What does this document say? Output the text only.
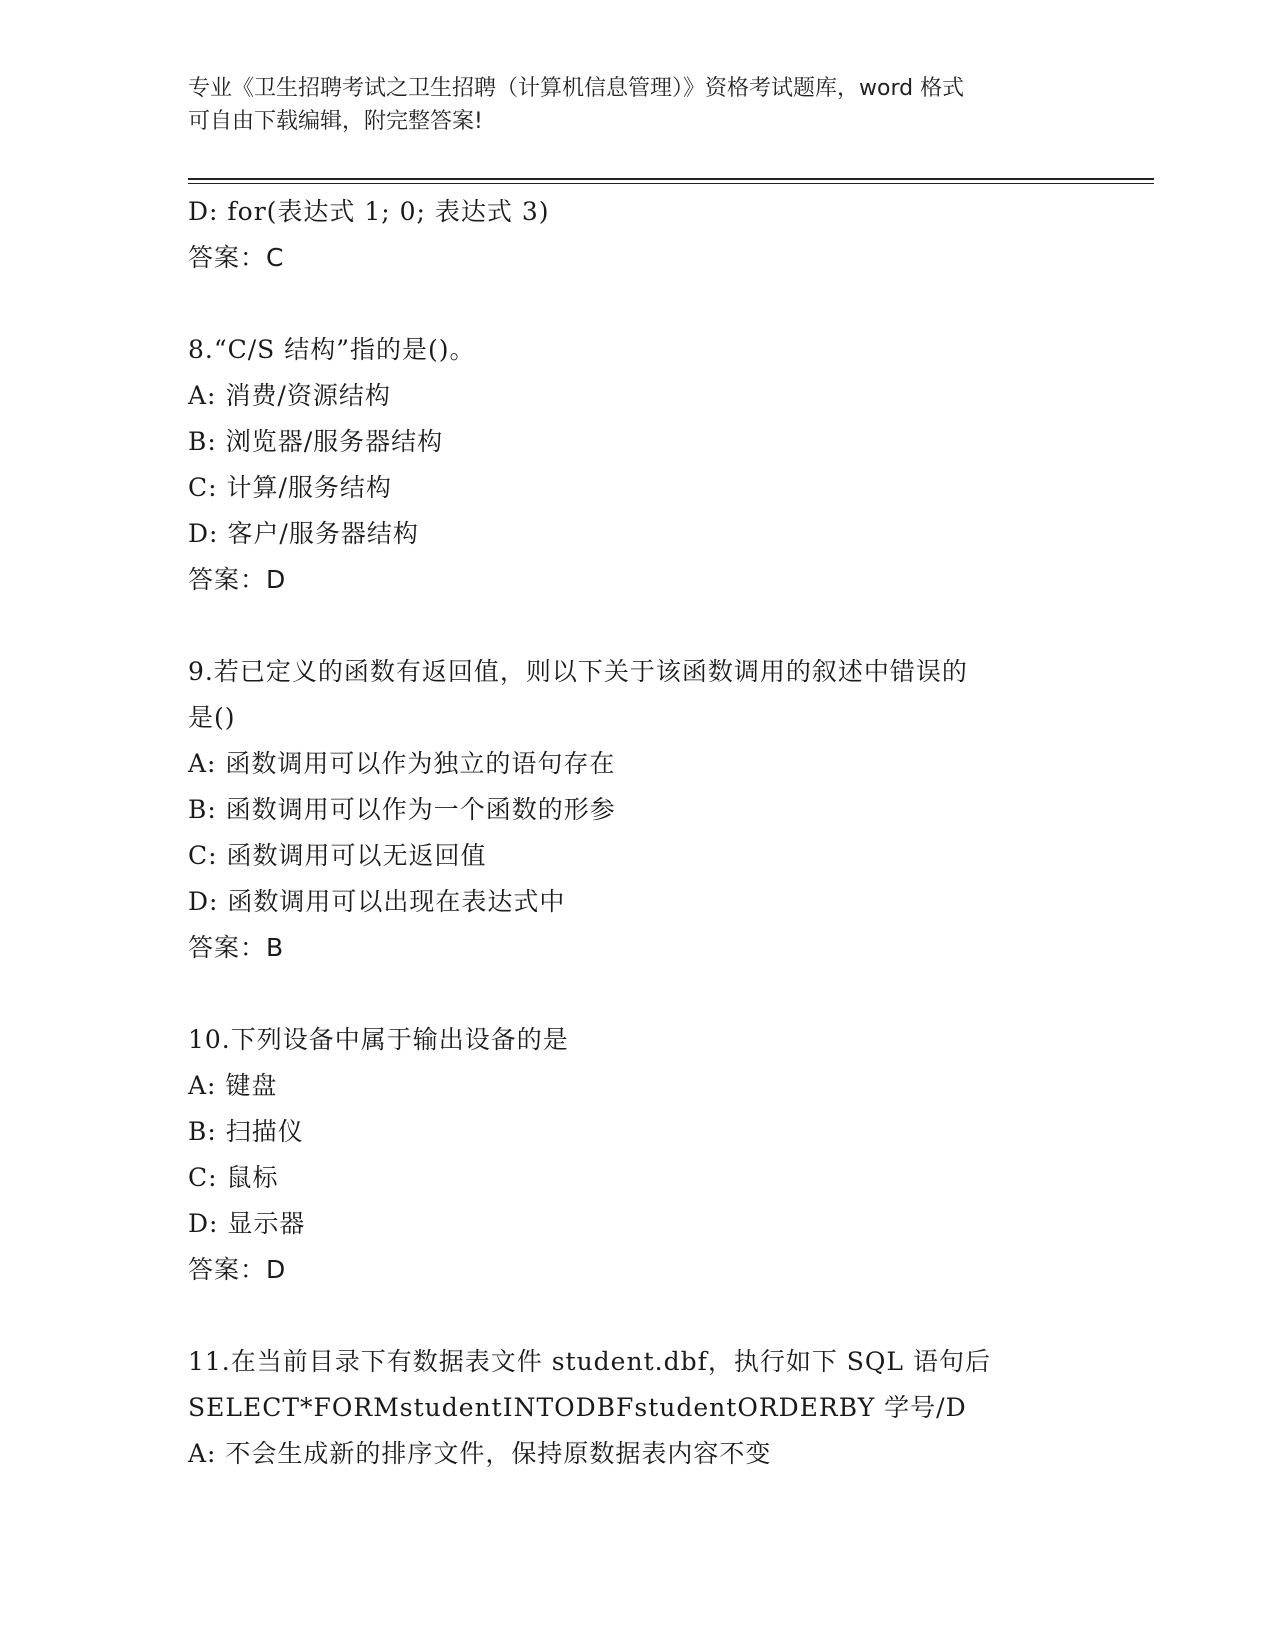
专业《卫生招聘考试之卫生招聘（计算机信息管理）》资格考试题库，word 格式
可自由下载编辑，附完整答案!
D: for(表达式 1; 0; 表达式 3)
答案：C
8.“C/S 结构”指的是()。
A: 消费/资源结构
B: 浏览器/服务器结构
C: 计算/服务结构
D: 客户/服务器结构
答案：D
9.若已定义的函数有返回值，则以下关于该函数调用的叙述中错误的
是()
A: 函数调用可以作为独立的语句存在
B: 函数调用可以作为一个函数的形参
C: 函数调用可以无返回值
D: 函数调用可以出现在表达式中
答案：B
10.下列设备中属于输出设备的是
A: 键盘
B: 扫描仪
C: 鼠标
D: 显示器
答案：D
11.在当前目录下有数据表文件 student.dbf，执行如下 SQL 语句后
SELECT*FORMstudentINTODBFstudentORDERBY 学号/D
A: 不会生成新的排序文件，保持原数据表内容不变
